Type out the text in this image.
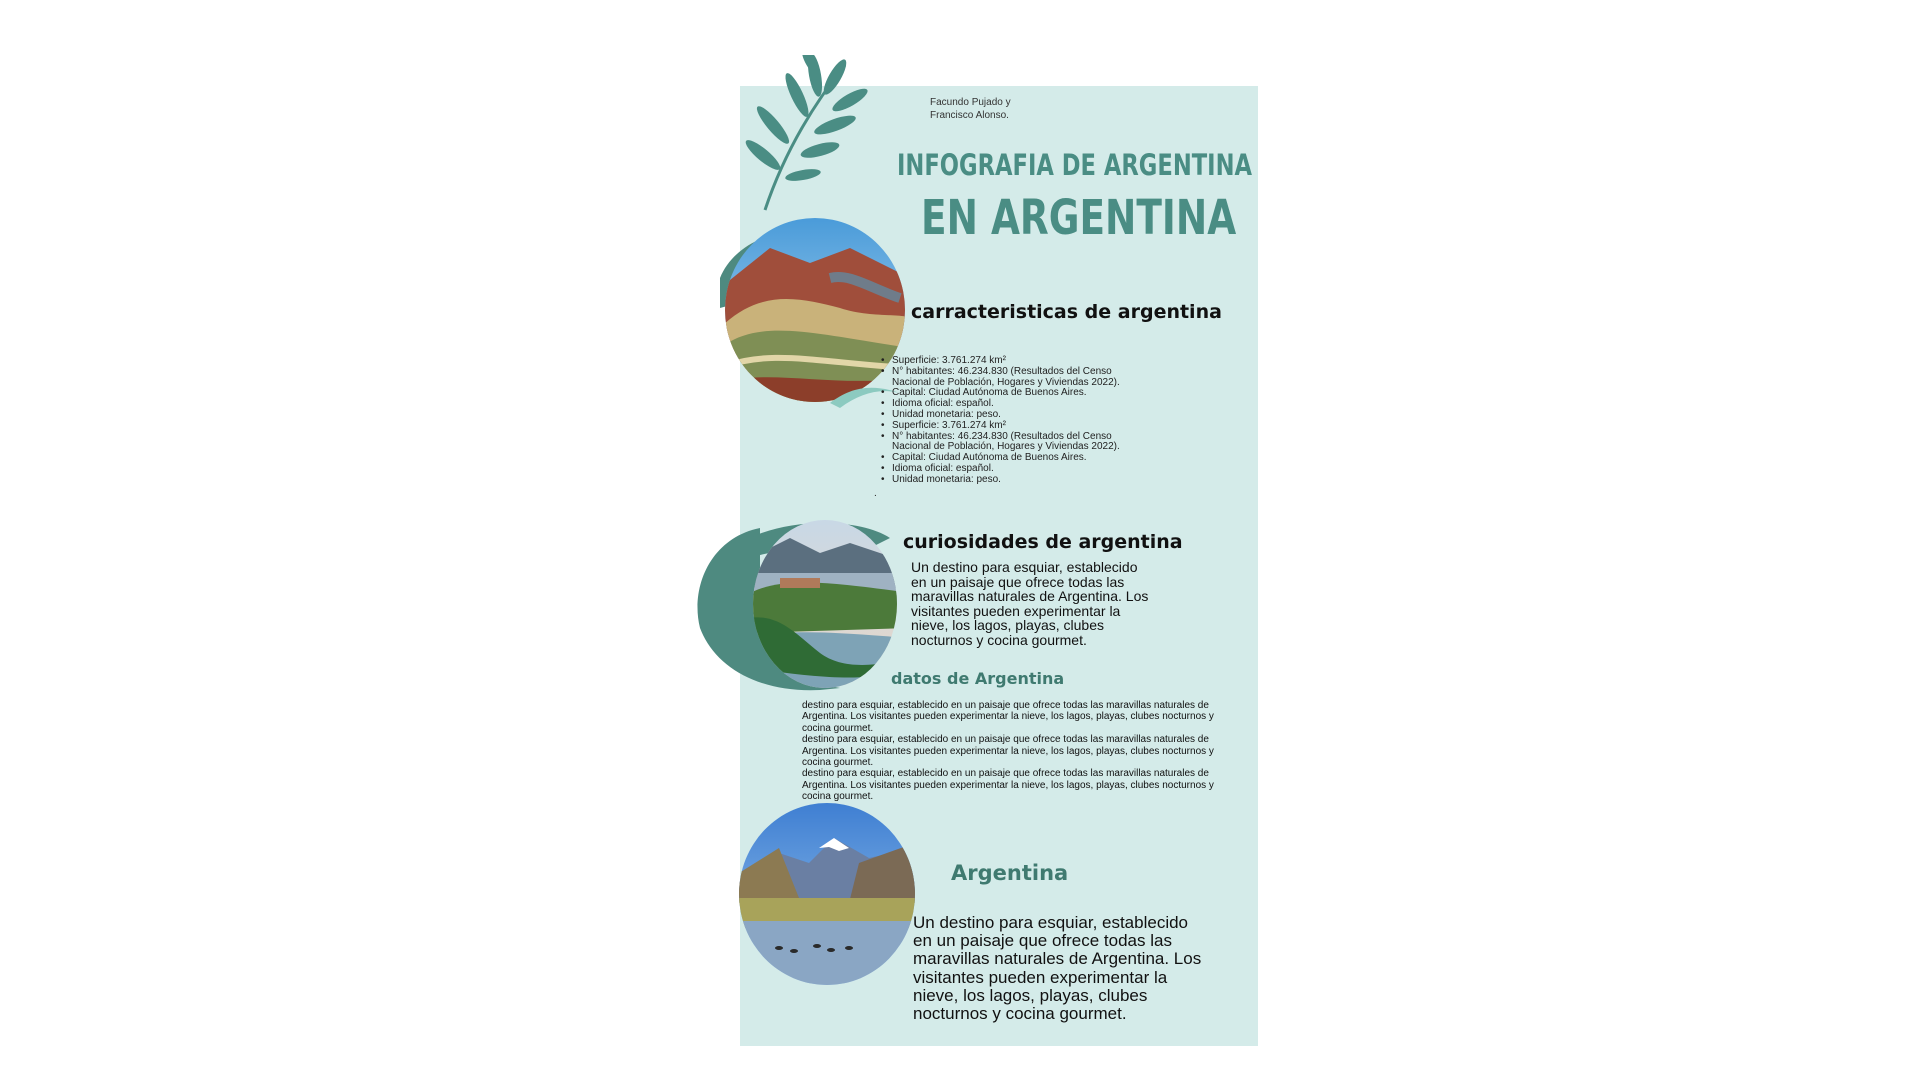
Facundo Pujado y
Francisco Alonso.
INFOGRAFIA DE ARGENTINA
EN ARGENTINA
carracteristicas de argentina
• Superficie: 3.761.274 km²
• N° habitantes: 46.234.830 (Resultados del Censo Nacional de Población, Hogares y Viviendas 2022).
• Capital: Ciudad Autónoma de Buenos Aires.
• Idioma oficial: español.
• Unidad monetaria: peso.
• Superficie: 3.761.274 km²
• N° habitantes: 46.234.830 (Resultados del Censo Nacional de Población, Hogares y Viviendas 2022).
• Capital: Ciudad Autónoma de Buenos Aires.
• Idioma oficial: español.
• Unidad monetaria: peso.
.
curiosidades de argentina
Un destino para esquiar, establecido en un paisaje que ofrece todas las maravillas naturales de Argentina. Los visitantes pueden experimentar la nieve, los lagos, playas, clubes nocturnos y cocina gourmet.
datos de Argentina
destino para esquiar, establecido en un paisaje que ofrece todas las maravillas naturales de Argentina. Los visitantes pueden experimentar la nieve, los lagos, playas, clubes nocturnos y cocina gourmet.
destino para esquiar, establecido en un paisaje que ofrece todas las maravillas naturales de Argentina. Los visitantes pueden experimentar la nieve, los lagos, playas, clubes nocturnos y cocina gourmet.
destino para esquiar, establecido en un paisaje que ofrece todas las maravillas naturales de Argentina. Los visitantes pueden experimentar la nieve, los lagos, playas, clubes nocturnos y cocina gourmet.
Argentina
Un destino para esquiar, establecido en un paisaje que ofrece todas las maravillas naturales de Argentina. Los visitantes pueden experimentar la nieve, los lagos, playas, clubes nocturnos y cocina gourmet.
